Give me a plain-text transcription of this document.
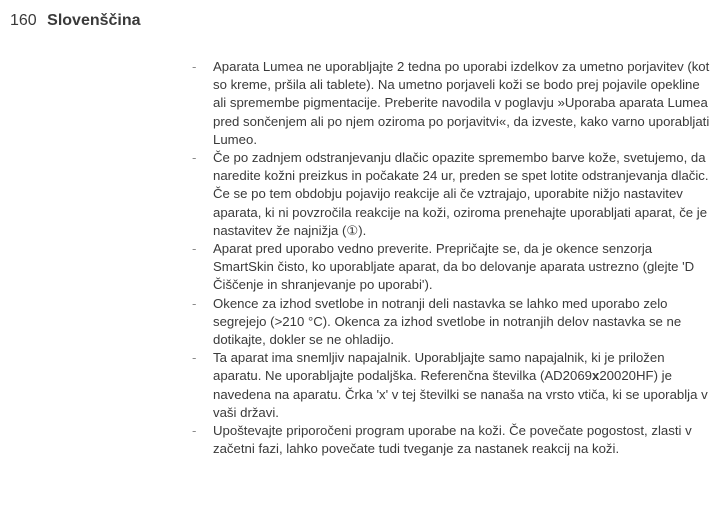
160 Slovenščina
- Aparata Lumea ne uporabljajte 2 tedna po uporabi izdelkov za umetno porjavitev (kot so kreme, pršila ali tablete). Na umetno porjaveli koži se bodo prej pojavile opekline ali spremembe pigmentacije. Preberite navodila v poglavju »Uporaba aparata Lumea pred sončenjem ali po njem oziroma po porjavitvi«, da izveste, kako varno uporabljati Lumeo.
- Če po zadnjem odstranjevanju dlačic opazite spremembo barve kože, svetujemo, da naredite kožni preizkus in počakate 24 ur, preden se spet lotite odstranjevanja dlačic. Če se po tem obdobju pojavijo reakcije ali če vztrajajo, uporabite nižjo nastavitev aparata, ki ni povzročila reakcije na koži, oziroma prenehajte uporabljati aparat, če je nastavitev že najnižja (①).
- Aparat pred uporabo vedno preverite. Prepričajte se, da je okence senzorja SmartSkin čisto, ko uporabljate aparat, da bo delovanje aparata ustrezno (glejte 'D Čiščenje in shranjevanje po uporabi').
- Okence za izhod svetlobe in notranji deli nastavka se lahko med uporabo zelo segrejejo (>210 °C). Okenca za izhod svetlobe in notranjih delov nastavka se ne dotikajte, dokler se ne ohladijo.
- Ta aparat ima snemljiv napajalnik. Uporabljajte samo napajalnik, ki je priložen aparatu. Ne uporabljajte podaljška. Referenčna številka (AD2069x20020HF) je navedena na aparatu. Črka 'x' v tej številki se nanaša na vrsto vtiča, ki se uporablja v vaši državi.
- Upoštevajte priporočeni program uporabe na koži. Če povečate pogostost, zlasti v začetni fazi, lahko povečate tudi tveganje za nastanek reakcij na koži.
